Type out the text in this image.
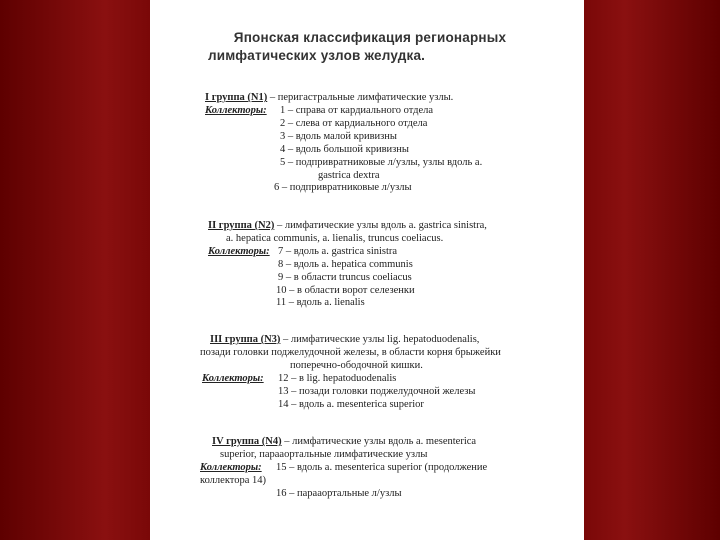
Японская классификация регионарных
лимфатических узлов желудка.
I группа (N1) – перигастральные лимфатические узлы.
Коллекторы: 1 – справа от кардиального отдела
2 – слева от кардиального отдела
3 – вдоль малой кривизны
4 – вдоль большой кривизны
5 – подпривратниковые л/узлы, узлы вдоль a.
gastrica dextra
6 – подпривратниковые л/узлы
II группа (N2) – лимфатические узлы вдоль a. gastrica sinistra,
a. hepatica communis, a. lienalis, truncus coeliacus.
Коллекторы: 7 – вдоль a. gastrica sinistra
8 – вдоль a. hepatica communis
9 – в области truncus coeliacus
10 – в области ворот селезенки
11 – вдоль a. lienalis
III группа (N3) – лимфатические узлы lig. hepatoduodenalis,
позади головки поджелудочной железы, в области корня брыжейки
поперечно-ободочной кишки.
Коллекторы: 12 – в lig. hepatoduodenalis
13 – позади головки поджелудочной железы
14 – вдоль a. mesenterica superior
IV группа (N4) – лимфатические узлы вдоль a. mesenterica
superior, парааортальные лимфатические узлы
Коллекторы: 15 – вдоль a. mesenterica superior (продолжение
коллектора 14)
16 – парааортальные л/узлы
